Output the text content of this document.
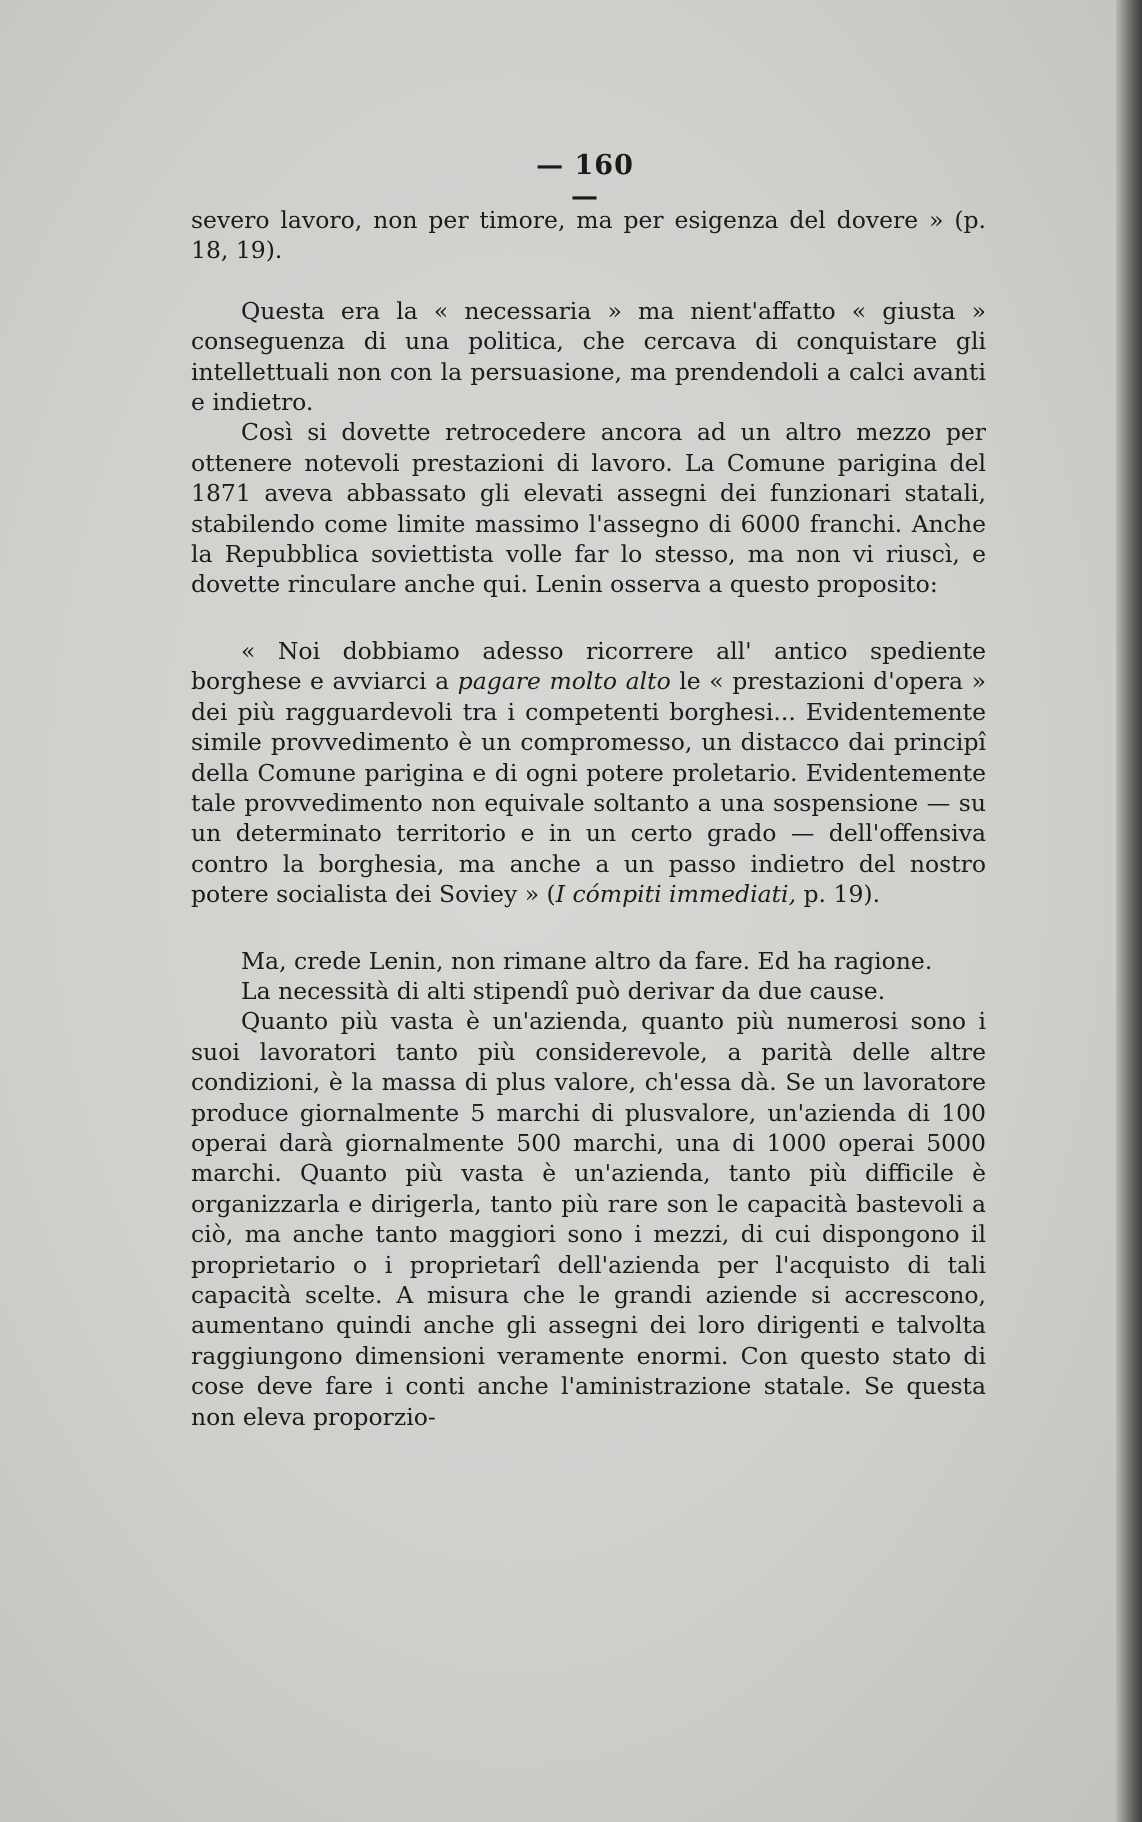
— 160 —

severo lavoro, non per timore, ma per esigenza del dovere » (p. 18, 19).

Questa era la « necessaria » ma nient'affatto « giusta » conseguenza di una politica, che cercava di conquistare gli intellettuali non con la persuasione, ma prendendoli a calci avanti e indietro.

Così si dovette retrocedere ancora ad un altro mezzo per ottenere notevoli prestazioni di lavoro. La Comune parigina del 1871 aveva abbassato gli elevati assegni dei funzionari statali, stabilendo come limite massimo l'assegno di 6000 franchi. Anche la Repubblica soviettista volle far lo stesso, ma non vi riuscì, e dovette rinculare anche qui. Lenin osserva a questo proposito:

« Noi dobbiamo adesso ricorrere all' antico spediente borghese e avviarci a pagare molto alto le « prestazioni d'opera » dei più ragguardevoli tra i competenti borghesi... Evidentemente simile provvedimento è un compromesso, un distacco dai principî della Comune parigina e di ogni potere proletario. Evidentemente tale provvedimento non equivale soltanto a una sospensione — su un determinato territorio e in un certo grado — dell'offensiva contro la borghesia, ma anche a un passo indietro del nostro potere socialista dei Soviey » (I cómpiti immediati, p. 19).

Ma, crede Lenin, non rimane altro da fare. Ed ha ragione.

La necessità di alti stipendî può derivar da due cause.

Quanto più vasta è un'azienda, quanto più numerosi sono i suoi lavoratori tanto più considerevole, a parità delle altre condizioni, è la massa di plus valore, ch'essa dà. Se un lavoratore produce giornalmente 5 marchi di plusvalore, un'azienda di 100 operai darà giornalmente 500 marchi, una di 1000 operai 5000 marchi. Quanto più vasta è un'azienda, tanto più difficile è organizzarla e dirigerla, tanto più rare son le capacità bastevoli a ciò, ma anche tanto maggiori sono i mezzi, di cui dispongono il proprietario o i proprietarî dell'azienda per l'acquisto di tali capacità scelte. A misura che le grandi aziende si accrescono, aumentano quindi anche gli assegni dei loro dirigenti e talvolta raggiungono dimensioni veramente enormi. Con questo stato di cose deve fare i conti anche l'aministrazione statale. Se questa non eleva proporzio-
